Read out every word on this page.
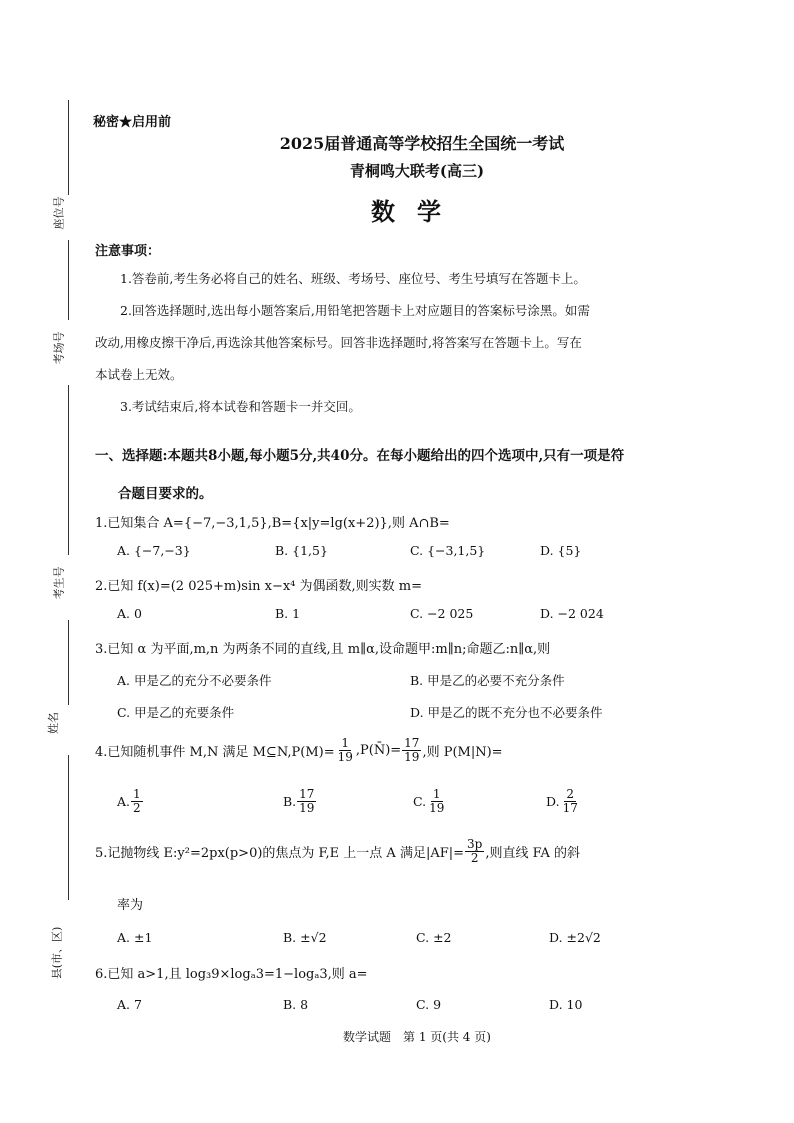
座位号
考场号
考生号
姓名
县(市、区)
秘密★启用前
2025届普通高等学校招生全国统一考试
青桐鸣大联考(高三)
数学
注意事项：
1.答卷前,考生务必将自己的姓名、班级、考场号、座位号、考生号填写在答题卡上。
2.回答选择题时,选出每小题答案后,用铅笔把答题卡上对应题目的答案标号涂黑。如需
改动,用橡皮擦干净后,再选涂其他答案标号。回答非选择题时,将答案写在答题卡上。写在
本试卷上无效。
3.考试结束后,将本试卷和答题卡一并交回。
一、选择题:本题共8小题,每小题5分,共40分。在每小题给出的四个选项中,只有一项是符
合题目要求的。
1.已知集合 A={−7,−3,1,5},B={x|y=lg(x+2)},则 A∩B=
A. {−7,−3}	B. {1,5}	C. {−3,1,5}	D. {5}
2.已知 f(x)=(2 025+m)sin x−x⁴ 为偶函数,则实数 m=
A. 0	B. 1	C. −2 025	D. −2 024
3.已知 α 为平面,m,n 为两条不同的直线,且 m∥α,设命题甲:m∥n;命题乙:n∥α,则
A. 甲是乙的充分不必要条件	B. 甲是乙的必要不充分条件
C. 甲是乙的充要条件	D. 甲是乙的既不充分也不必要条件
4.已知随机事件 M,N 满足 M⊆N,P(M)= $\frac{1}{19}$ ,P(N̄)= $\frac{17}{19}$ ,则 P(M|N)=
A. $\frac{1}{2}$	B. $\frac{17}{19}$	C. $\frac{1}{19}$	D. $\frac{2}{17}$
5.记抛物线 E:y²=2px(p>0)的焦点为 F,E 上一点 A 满足$|AF|= \frac{3p}{2}$ ,则直线 FA 的斜
率为
A. ±1	B. ±√2	C. ±2	D. ±2√2
6.已知 a>1,且 log₃9×logₐ3=1−logₐ3,则 a=
A. 7	B. 8	C. 9	D. 10
数学试题　第 1 页(共 4 页)
